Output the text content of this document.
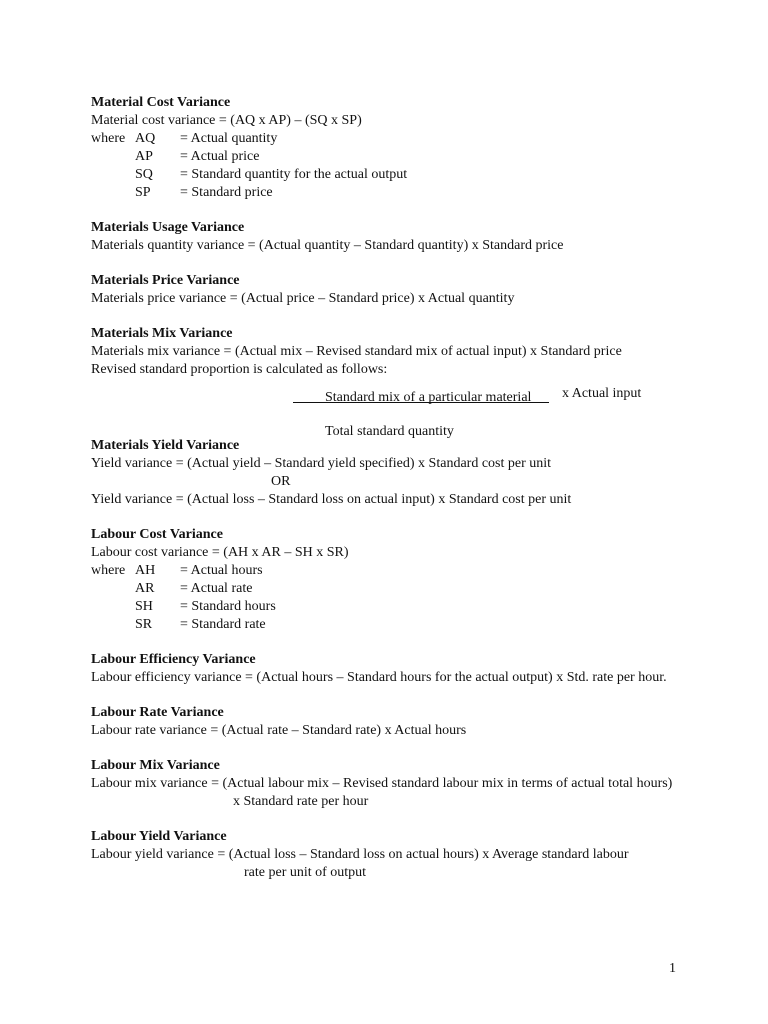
Material Cost Variance
Material cost variance = (AQ x AP) – (SQ x SP)
where AQ	= Actual quantity
AP	= Actual price
SQ	= Standard quantity for the actual output
SP	= Standard price
Materials Usage Variance
Materials quantity variance = (Actual quantity – Standard quantity) x Standard price
Materials Price Variance
Materials price variance = (Actual price – Standard price) x Actual quantity
Materials Mix Variance
Materials mix variance = (Actual mix – Revised standard mix of actual input) x Standard price
Revised standard proportion is calculated as follows:
Standard mix of a particular material x Actual input
Total standard quantity
Materials Yield Variance
Yield variance = (Actual yield – Standard yield specified) x Standard cost per unit
OR
Yield variance = (Actual loss – Standard loss on actual input) x Standard cost per unit
Labour Cost Variance
Labour cost variance = (AH x AR – SH x SR)
where AH	= Actual hours
AR	= Actual rate
SH	= Standard hours
SR	= Standard rate
Labour Efficiency Variance
Labour efficiency variance = (Actual hours – Standard hours for the actual output) x Std. rate per hour.
Labour Rate Variance
Labour rate variance = (Actual rate – Standard rate) x Actual hours
Labour Mix Variance
Labour mix variance = (Actual labour mix – Revised standard labour mix in terms of actual total hours)
x Standard rate per hour
Labour Yield Variance
Labour yield variance = (Actual loss – Standard loss on actual hours) x Average standard labour
rate per unit of output
1
